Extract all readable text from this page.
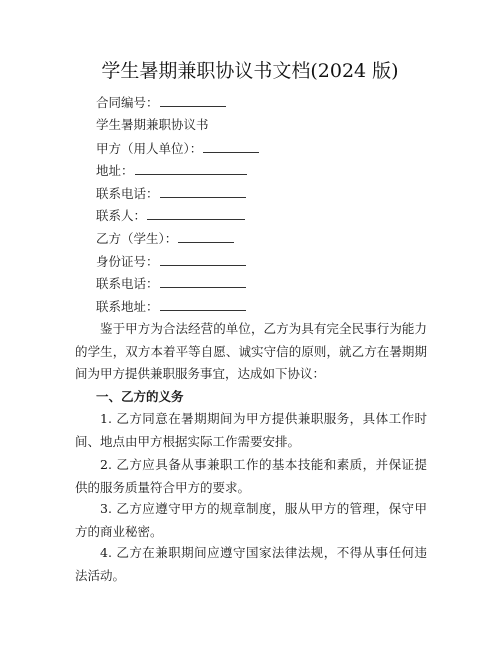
学生暑期兼职协议书文档(2024 版)
合同编号：
学生暑期兼职协议书
甲方（用人单位）：
地址：
联系电话：
联系人：
乙方（学生）：
身份证号：
联系电话：
联系地址：
鉴于甲方为合法经营的单位，乙方为具有完全民事行为能力的学生，双方本着平等自愿、诚实守信的原则，就乙方在暑期期间为甲方提供兼职服务事宜，达成如下协议：
一、乙方的义务
1. 乙方同意在暑期期间为甲方提供兼职服务，具体工作时间、地点由甲方根据实际工作需要安排。
2. 乙方应具备从事兼职工作的基本技能和素质，并保证提供的服务质量符合甲方的要求。
3. 乙方应遵守甲方的规章制度，服从甲方的管理，保守甲方的商业秘密。
4. 乙方在兼职期间应遵守国家法律法规，不得从事任何违法活动。
